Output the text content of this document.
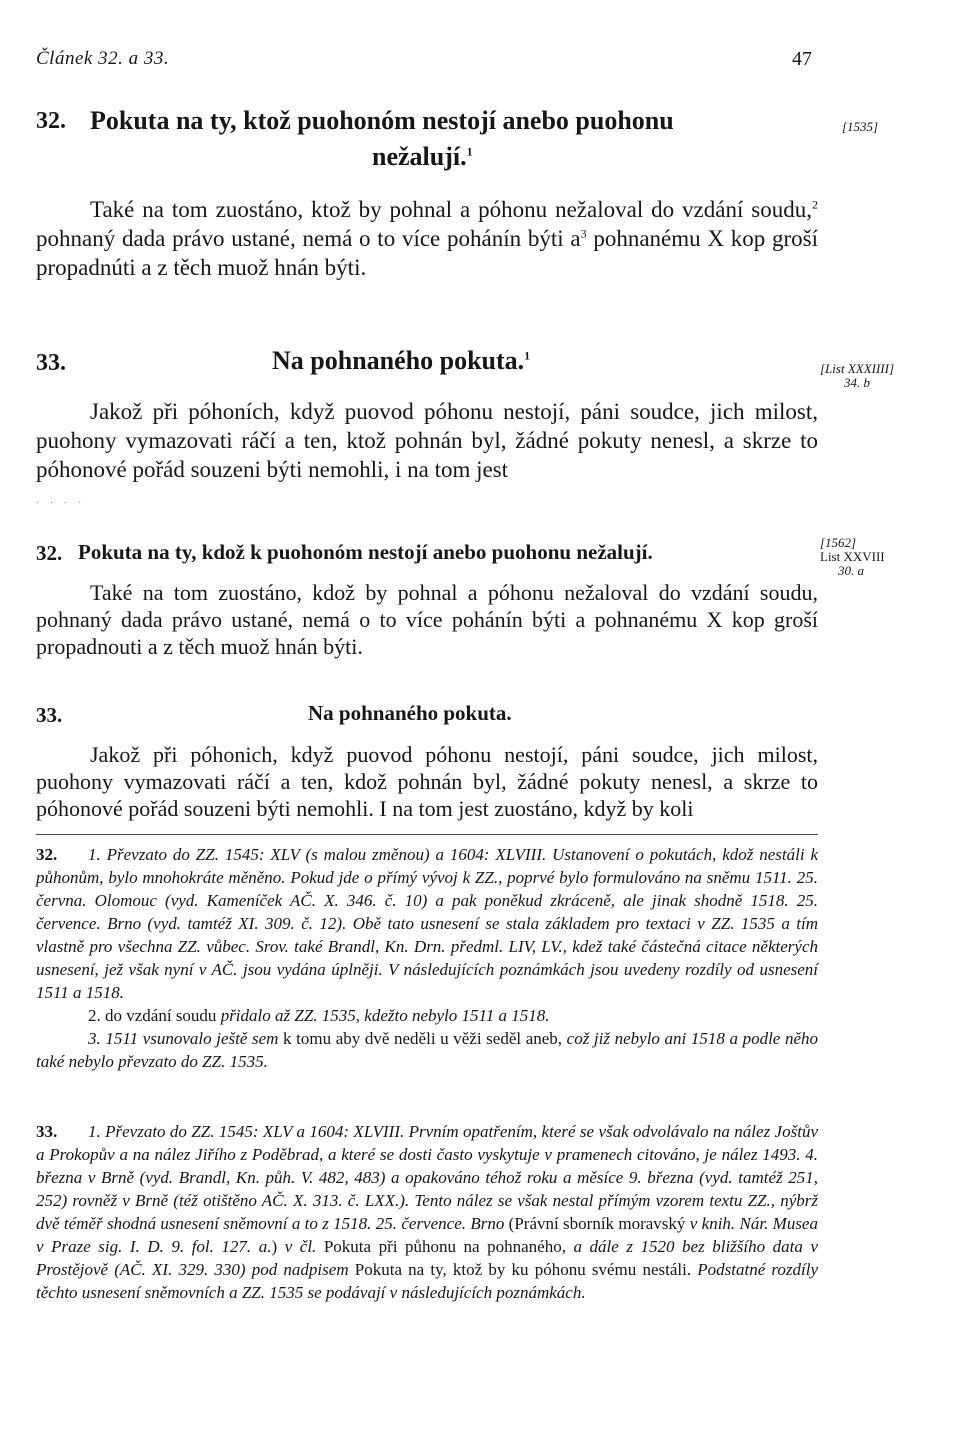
Článek 32. a 33.	47
32. Pokuta na ty, ktož puohonóm nestojí anebo puohonu
nežalují.$^1$
[1535]
Také na tom zuostáno, ktož by pohnal a póhonu nežaloval do vzdání soudu,$^2$ pohnaný dada právo ustané, nemá o to více pohánín býti $a^3$ pohnanému X kop groší propadnúti a z těch muož hnán býti.
33.	Na pohnaného pokuta.$^1$
[List XXXIIII]
34. b
Jakož při póhoních, když puovod póhonu nestojí, páni soudce, jich milost, puohony vymazovati ráčí a ten, ktož pohnán byl, žádné pokuty nenesl, a skrze to póhonové pořád souzeni býti nemohli, i na tom jest
. . . .
32. Pokuta na ty, kdož k puohonóm nestojí anebo puohonu nežalují.	[1562]
List XXVIII
30. a
Také na tom zuostáno, kdož by pohnal a póhonu nežaloval do vzdání soudu, pohnaný dada právo ustané, nemá o to více pohánín býti a pohnanému X kop groší propadnouti a z těch muož hnán býti.
33.	Na pohnaného pokuta.
Jakož při póhonich, když puovod póhonu nestojí, páni soudce, jich milost, puohony vymazovati ráčí a ten, kdož pohnán byl, žádné pokuty nenesl, a skrze to póhonové pořád souzeni býti nemohli. I na tom jest zuostáno, když by koli
32. 1. Převzato do ZZ. 1545: XLV (s malou změnou) a 1604: XLVIII. Ustanovení o pokutách, kdož nestáli k půhonům, bylo mnohokráte měněno. Pokud jde o přímý vývoj k ZZ., poprvé bylo formulováno na sněmu 1511. 25. června. Olomouc (vyd. Kameníček AČ. X. 346. č. 10) a pak poněkud zkráceně, ale jinak shodně 1518. 25. července. Brno (vyd. tamtéž XI. 309. č. 12). Obě tato usnesení se stala základem pro textaci v ZZ. 1535 a tím vlastně pro všechna ZZ. vůbec. Srov. také Brandl, Kn. Drn. předml. LIV, LV., kdež také částečná citace některých usnesení, jež však nyní v AČ. jsou vydána úplněji. V následujících poznámkách jsou uvedeny rozdíly od usnesení 1511 a 1518.
2. do vzdání soudu přidalo až ZZ. 1535, kdežto nebylo 1511 a 1518.
3. 1511 vsunovalo ještě sem k tomu aby dvě neděli u věži seděl aneb, což již nebylo ani 1518 a podle něho také nebylo převzato do ZZ. 1535.
33. 1. Převzato do ZZ. 1545: XLV a 1604: XLVIII. Prvním opatřením, které se však odvolávalo na nález Joštův a Prokopův a na nález Jiřího z Poděbrad, a které se dosti často vyskytuje v pramenech citováno, je nález 1493. 4. března v Brně (vyd. Brandl, Kn. půh. V. 482, 483) a opakováno téhož roku a měsíce 9. března (vyd. tamtéž 251, 252) rovněž v Brně (též otištěno AČ. X. 313. č. LXX.). Tento nález se však nestal přímým vzorem textu ZZ., nýbrž dvě téměř shodná usnesení sněmovní a to z 1518. 25. července. Brno (Právní sborník moravský v knih. Nár. Musea v Praze sig. I. D. 9. fol. 127. a.) v čl. Pokuta při půhonu na pohnaného, a dále z 1520 bez bližšího data v Prostějově (AČ. XI. 329. 330) pod nadpisem Pokuta na ty, ktož by ku póhonu svému nestáli. Podstatné rozdíly těchto usnesení sněmovních a ZZ. 1535 se podávají v následujících poznámkách.
